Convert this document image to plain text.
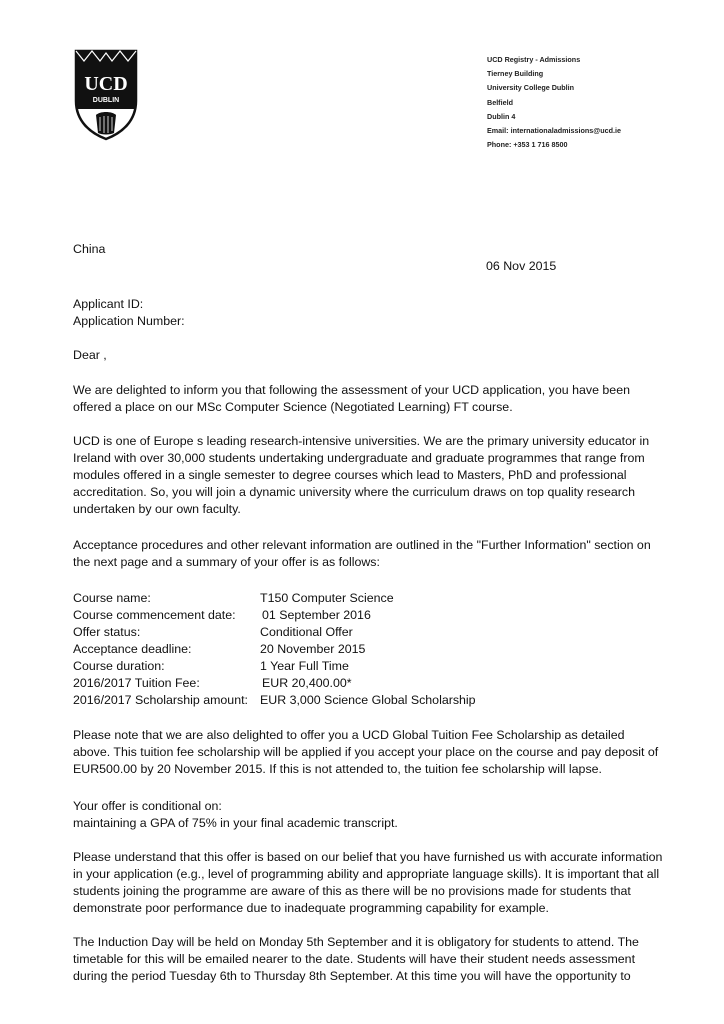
UCD
DUBLIN
UCD Registry - Admissions
Tierney Building
University College Dublin
Belfield
Dublin 4
Email: internationaladmissions@ucd.ie
Phone: +353 1 716 8500
China
06 Nov 2015
Applicant ID:
Application Number:
Dear ,
We are delighted to inform you that following the assessment of your UCD application, you have been
offered a place on our MSc Computer Science (Negotiated Learning) FT course.
UCD is one of Europe s leading research-intensive universities. We are the primary university educator in
Ireland with over 30,000 students undertaking undergraduate and graduate programmes that range from
modules offered in a single semester to degree courses which lead to Masters, PhD and professional
accreditation. So, you will join a dynamic university where the curriculum draws on top quality research
undertaken by our own faculty.
Acceptance procedures and other relevant information are outlined in the "Further Information" section on
the next page and a summary of your offer is as follows:
Course name:	T150 Computer Science
Course commencement date: 01 September 2016
Offer status:	Conditional Offer
Acceptance deadline:	20 November 2015
Course duration:	1 Year Full Time
2016/2017 Tuition Fee:	EUR 20,400.00*
2016/2017 Scholarship amount: EUR 3,000 Science Global Scholarship
Please note that we are also delighted to offer you a UCD Global Tuition Fee Scholarship as detailed
above. This tuition fee scholarship will be applied if you accept your place on the course and pay deposit of
EUR500.00 by 20 November 2015. If this is not attended to, the tuition fee scholarship will lapse.
Your offer is conditional on:
maintaining a GPA of 75% in your final academic transcript.
Please understand that this offer is based on our belief that you have furnished us with accurate information
in your application (e.g., level of programming ability and appropriate language skills). It is important that all
students joining the programme are aware of this as there will be no provisions made for students that
demonstrate poor performance due to inadequate programming capability for example.
The Induction Day will be held on Monday 5th September and it is obligatory for students to attend. The
timetable for this will be emailed nearer to the date. Students will have their student needs assessment
during the period Tuesday 6th to Thursday 8th September. At this time you will have the opportunity to
